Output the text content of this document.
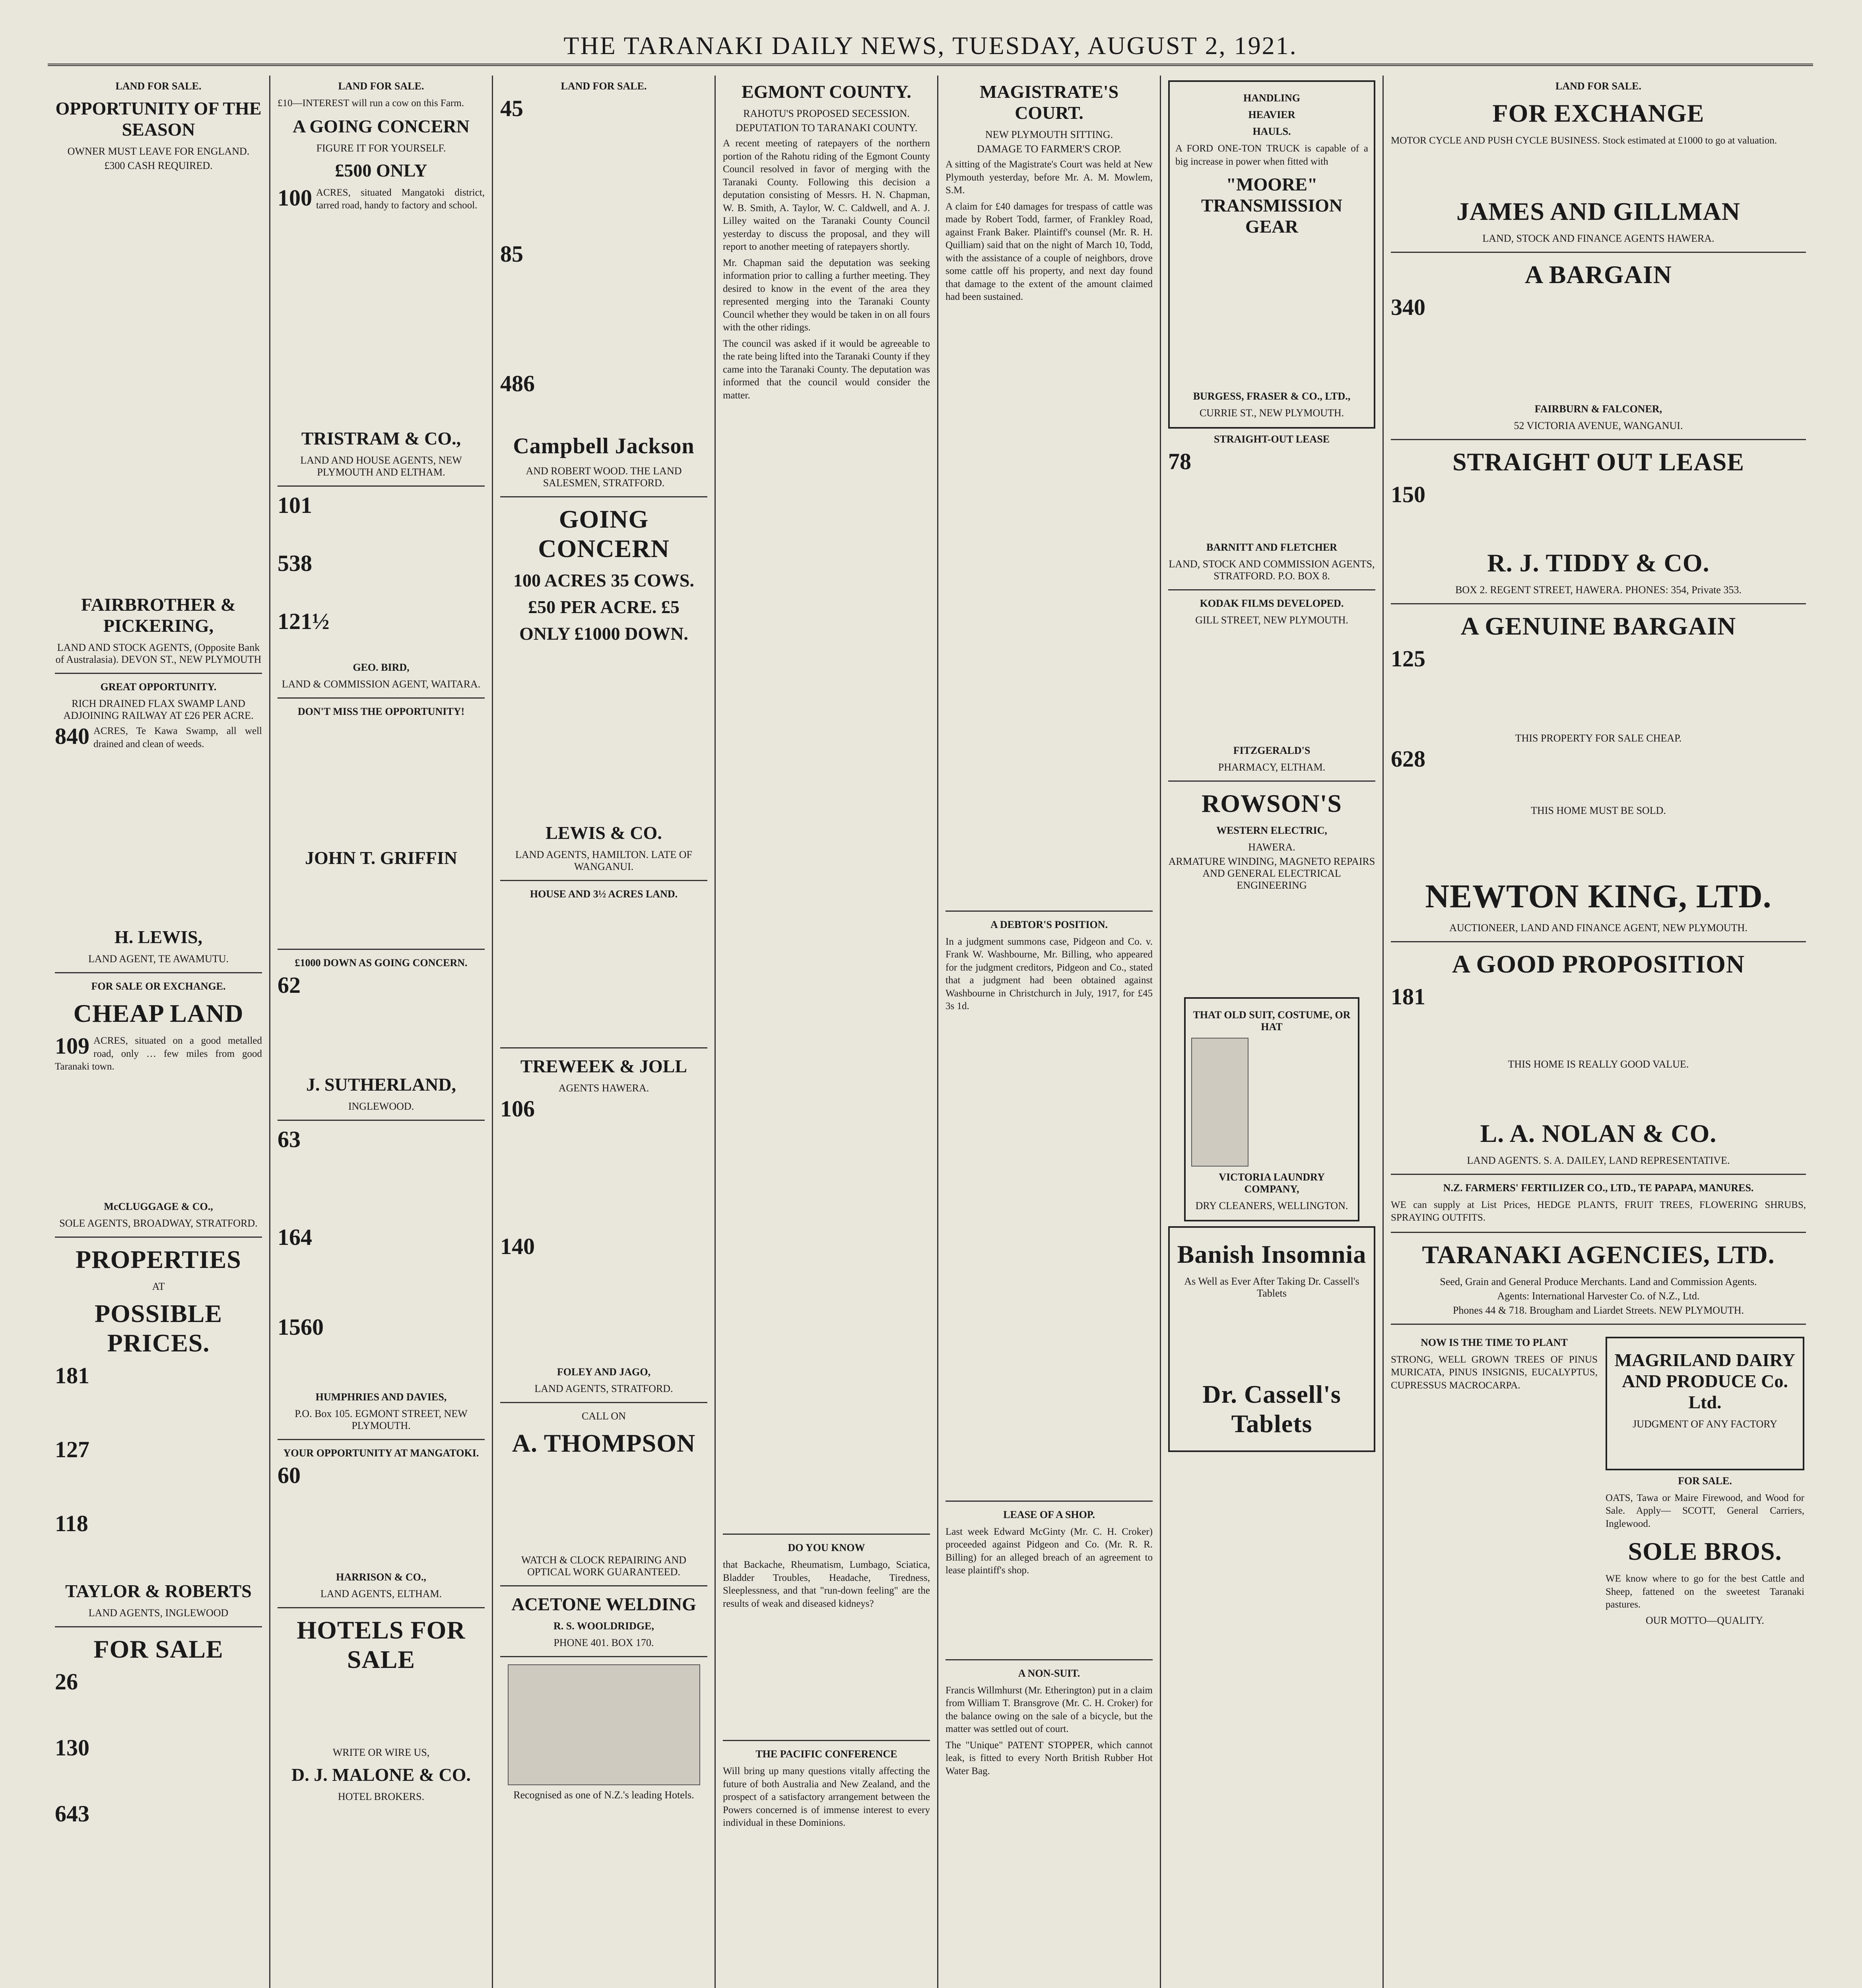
THE TARANAKI DAILY NEWS, TUESDAY, AUGUST 2, 1921.
LAND FOR SALE.
OPPORTUNITY OF THE SEASON
OWNER MUST LEAVE FOR ENGLAND.
£300 CASH REQUIRED.
FAIRBROTHER & PICKERING,
LAND AND STOCK AGENTS, (Opposite Bank of Australasia). DEVON ST., NEW PLYMOUTH
GREAT OPPORTUNITY.
RICH DRAINED FLAX SWAMP LAND ADJOINING RAILWAY AT £26 PER ACRE.
840 ACRES, Te Kawa Swamp, all well drained and clean of weeds.
H. LEWIS,
LAND AGENT, TE AWAMUTU.
FOR SALE OR EXCHANGE.
CHEAP LAND
109 ACRES, situated on a good metalled road, only … few miles from good Taranaki town.
McCLUGGAGE & CO.,
SOLE AGENTS, BROADWAY, STRATFORD.
PROPERTIES
AT
POSSIBLE PRICES.
181
127
118
TAYLOR & ROBERTS
LAND AGENTS, INGLEWOOD
FOR SALE
26
130
643
LAND FOR SALE.
£10—INTEREST will run a cow on this Farm.
A GOING CONCERN
FIGURE IT FOR YOURSELF.
£500 ONLY
100 ACRES, situated Mangatoki district, tarred road, handy to factory and school.
TRISTRAM & CO.,
LAND AND HOUSE AGENTS, NEW PLYMOUTH AND ELTHAM.
101
538
121½
GEO. BIRD,
LAND & COMMISSION AGENT, WAITARA.
DON'T MISS THE OPPORTUNITY!
JOHN T. GRIFFIN
£1000 DOWN AS GOING CONCERN.
62
J. SUTHERLAND,
INGLEWOOD.
63
164
1560
HUMPHRIES AND DAVIES,
P.O. Box 105. EGMONT STREET, NEW PLYMOUTH.
YOUR OPPORTUNITY AT MANGATOKI.
60
HARRISON & CO.,
LAND AGENTS, ELTHAM.
HOTELS FOR SALE
WRITE OR WIRE US,
D. J. MALONE & CO.
HOTEL BROKERS.
LAND FOR SALE.
45
85
486
Campbell Jackson
AND ROBERT WOOD. THE LAND SALESMEN, STRATFORD.
GOING CONCERN
100 ACRES 35 COWS.
£50 PER ACRE. £5
ONLY £1000 DOWN.
LEWIS & CO.
LAND AGENTS, HAMILTON. LATE OF WANGANUI.
HOUSE AND 3½ ACRES LAND.
TREWEEK & JOLL
AGENTS HAWERA.
106
140
FOLEY AND JAGO,
LAND AGENTS, STRATFORD.
CALL ON
A. THOMPSON
WATCH & CLOCK REPAIRING AND OPTICAL WORK GUARANTEED.
ACETONE WELDING
R. S. WOOLDRIDGE,
PHONE 401. BOX 170.
Recognised as one of N.Z.'s leading Hotels.
EGMONT COUNTY.
RAHOTU'S PROPOSED SECESSION.
DEPUTATION TO TARANAKI COUNTY.
A recent meeting of ratepayers of the northern portion of the Rahotu riding of the Egmont County Council resolved in favor of merging with the Taranaki County. Following this decision a deputation consisting of Messrs. H. N. Chapman, W. B. Smith, A. Taylor, W. C. Caldwell, and A. J. Lilley waited on the Taranaki County Council yesterday to discuss the proposal, and they will report to another meeting of ratepayers shortly.
Mr. Chapman said the deputation was seeking information prior to calling a further meeting. They desired to know in the event of the area they represented merging into the Taranaki County Council whether they would be taken in on all fours with the other ridings.
The council was asked if it would be agreeable to the rate being lifted into the Taranaki County if they came into the Taranaki County. The deputation was informed that the council would consider the matter.
DO YOU KNOW
that Backache, Rheumatism, Lumbago, Sciatica, Bladder Troubles, Headache, Tiredness, Sleeplessness, and that "run-down feeling" are the results of weak and diseased kidneys?
THE PACIFIC CONFERENCE
Will bring up many questions vitally affecting the future of both Australia and New Zealand, and the prospect of a satisfactory arrangement between the Powers concerned is of immense interest to every individual in these Dominions.
MAGISTRATE'S COURT.
NEW PLYMOUTH SITTING.
DAMAGE TO FARMER'S CROP.
A sitting of the Magistrate's Court was held at New Plymouth yesterday, before Mr. A. M. Mowlem, S.M.
A claim for £40 damages for trespass of cattle was made by Robert Todd, farmer, of Frankley Road, against Frank Baker. Plaintiff's counsel (Mr. R. H. Quilliam) said that on the night of March 10, Todd, with the assistance of a couple of neighbors, drove some cattle off his property, and next day found that damage to the extent of the amount claimed had been sustained.
A DEBTOR'S POSITION.
In a judgment summons case, Pidgeon and Co. v. Frank W. Washbourne, Mr. Billing, who appeared for the judgment creditors, Pidgeon and Co., stated that a judgment had been obtained against Washbourne in Christchurch in July, 1917, for £45 3s 1d.
LEASE OF A SHOP.
Last week Edward McGinty (Mr. C. H. Croker) proceeded against Pidgeon and Co. (Mr. R. R. Billing) for an alleged breach of an agreement to lease plaintiff's shop.
A NON-SUIT.
Francis Willmhurst (Mr. Etherington) put in a claim from William T. Bransgrove (Mr. C. H. Croker) for the balance owing on the sale of a bicycle, but the matter was settled out of court.
The "Unique" PATENT STOPPER, which cannot leak, is fitted to every North British Rubber Hot Water Bag.
HANDLING
HEAVIER
HAULS.
A FORD ONE-TON TRUCK is capable of a big increase in power when fitted with
"MOORE" TRANSMISSION GEAR
BURGESS, FRASER & CO., LTD.,
CURRIE ST., NEW PLYMOUTH.
STRAIGHT-OUT LEASE
78
BARNITT AND FLETCHER
LAND, STOCK AND COMMISSION AGENTS, STRATFORD. P.O. BOX 8.
KODAK FILMS DEVELOPED.
GILL STREET, NEW PLYMOUTH.
FITZGERALD'S
PHARMACY, ELTHAM.
ROWSON'S
WESTERN ELECTRIC,
HAWERA.
ARMATURE WINDING, MAGNETO REPAIRS AND GENERAL ELECTRICAL ENGINEERING
THAT OLD SUIT, COSTUME, OR HAT
VICTORIA LAUNDRY COMPANY,
DRY CLEANERS, WELLINGTON.
Banish Insomnia
As Well as Ever After Taking Dr. Cassell's Tablets
Dr. Cassell's Tablets
LAND FOR SALE.
FOR EXCHANGE
MOTOR CYCLE AND PUSH CYCLE BUSINESS. Stock estimated at £1000 to go at valuation.
JAMES AND GILLMAN
LAND, STOCK AND FINANCE AGENTS HAWERA.
A BARGAIN
340
FAIRBURN & FALCONER,
52 VICTORIA AVENUE, WANGANUI.
STRAIGHT OUT LEASE
150
R. J. TIDDY & CO.
BOX 2. REGENT STREET, HAWERA. PHONES: 354, Private 353.
A GENUINE BARGAIN
125
THIS PROPERTY FOR SALE CHEAP.
628
THIS HOME MUST BE SOLD.
NEWTON KING, LTD.
AUCTIONEER, LAND AND FINANCE AGENT, NEW PLYMOUTH.
A GOOD PROPOSITION
181
THIS HOME IS REALLY GOOD VALUE.
L. A. NOLAN & CO.
LAND AGENTS. S. A. DAILEY, LAND REPRESENTATIVE.
N.Z. FARMERS' FERTILIZER CO., LTD., TE PAPAPA, MANURES.
WE can supply at List Prices, HEDGE PLANTS, FRUIT TREES, FLOWERING SHRUBS, SPRAYING OUTFITS.
TARANAKI AGENCIES, LTD.
Seed, Grain and General Produce Merchants. Land and Commission Agents.
Agents: International Harvester Co. of N.Z., Ltd.
Phones 44 & 718. Brougham and Liardet Streets. NEW PLYMOUTH.
NOW IS THE TIME TO PLANT
STRONG, WELL GROWN TREES OF PINUS MURICATA, PINUS INSIGNIS, EUCALYPTUS, CUPRESSUS MACROCARPA.
MAGRILAND DAIRY AND PRODUCE Co. Ltd.
JUDGMENT OF ANY FACTORY
FOR SALE.
OATS, Tawa or Maire Firewood, and Wood for Sale. Apply— SCOTT, General Carriers, Inglewood.
SOLE BROS.
WE know where to go for the best Cattle and Sheep, fattened on the sweetest Taranaki pastures.
OUR MOTTO—QUALITY.
